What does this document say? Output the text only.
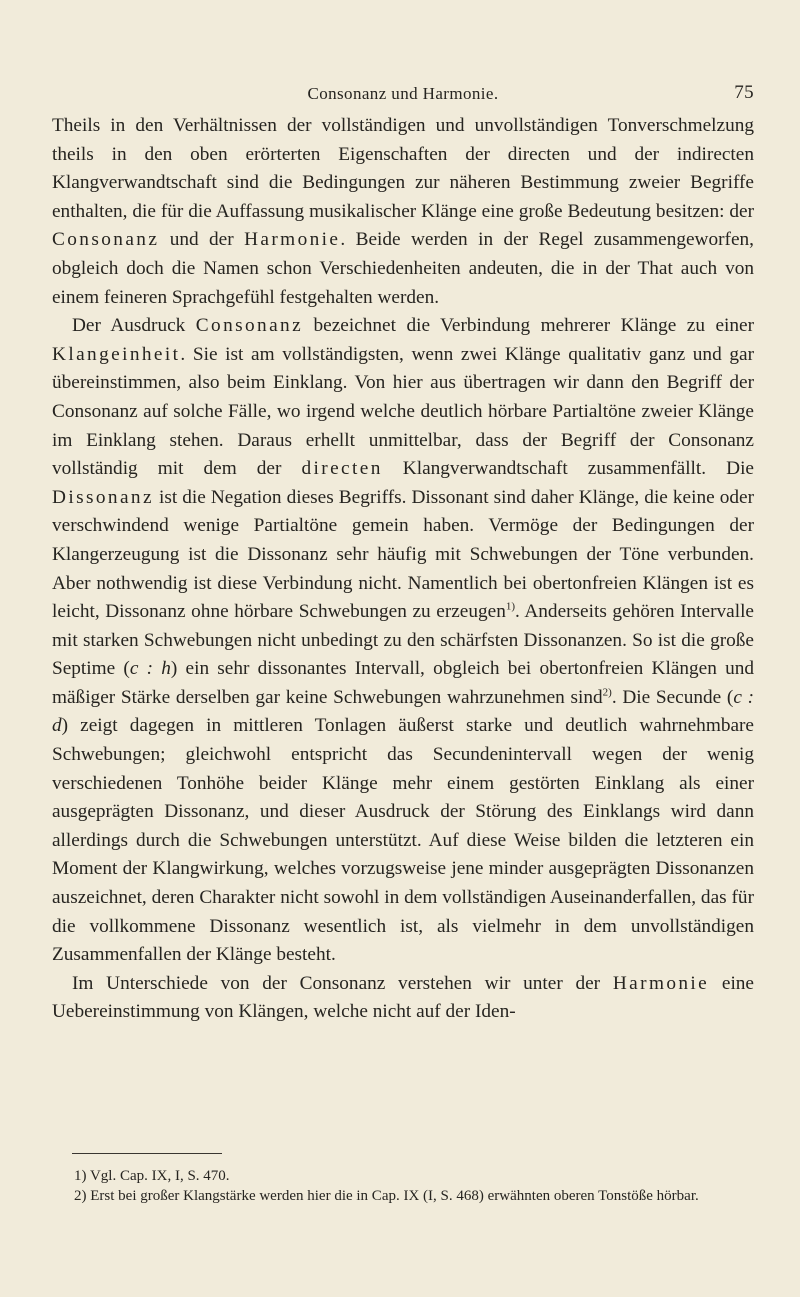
Consonanz und Harmonie.	75

Theils in den Verhältnissen der vollständigen und unvollständigen Tonverschmelzung theils in den oben erörterten Eigenschaften der directen und der indirecten Klangverwandtschaft sind die Bedingungen zur näheren Bestimmung zweier Begriffe enthalten, die für die Auffassung musikalischer Klänge eine große Bedeutung besitzen: der Consonanz und der Harmonie. Beide werden in der Regel zusammengeworfen, obgleich doch die Namen schon Verschiedenheiten andeuten, die in der That auch von einem feineren Sprachgefühl festgehalten werden.

Der Ausdruck Consonanz bezeichnet die Verbindung mehrerer Klänge zu einer Klangeinheit. Sie ist am vollständigsten, wenn zwei Klänge qualitativ ganz und gar übereinstimmen, also beim Einklang. Von hier aus übertragen wir dann den Begriff der Consonanz auf solche Fälle, wo irgend welche deutlich hörbare Partialtöne zweier Klänge im Einklang stehen. Daraus erhellt unmittelbar, dass der Begriff der Consonanz vollständig mit dem der directen Klangverwandtschaft zusammenfällt. Die Dissonanz ist die Negation dieses Begriffs. Dissonant sind daher Klänge, die keine oder verschwindend wenige Partialtöne gemein haben. Vermöge der Bedingungen der Klangerzeugung ist die Dissonanz sehr häufig mit Schwebungen der Töne verbunden. Aber nothwendig ist diese Verbindung nicht. Namentlich bei obertonfreien Klängen ist es leicht, Dissonanz ohne hörbare Schwebungen zu erzeugen$^{1)}$. Anderseits gehören Intervalle mit starken Schwebungen nicht unbedingt zu den schärfsten Dissonanzen. So ist die große Septime (c : h) ein sehr dissonantes Intervall, obgleich bei obertonfreien Klängen und mäßiger Stärke derselben gar keine Schwebungen wahrzunehmen sind$^{2)}$. Die Secunde (c : d) zeigt dagegen in mittleren Tonlagen äußerst starke und deutlich wahrnehmbare Schwebungen; gleichwohl entspricht das Secundenintervall wegen der wenig verschiedenen Tonhöhe beider Klänge mehr einem gestörten Einklang als einer ausgeprägten Dissonanz, und dieser Ausdruck der Störung des Einklangs wird dann allerdings durch die Schwebungen unterstützt. Auf diese Weise bilden die letzteren ein Moment der Klangwirkung, welches vorzugsweise jene minder ausgeprägten Dissonanzen auszeichnet, deren Charakter nicht sowohl in dem vollständigen Auseinanderfallen, das für die vollkommene Dissonanz wesentlich ist, als vielmehr in dem unvollständigen Zusammenfallen der Klänge besteht.

Im Unterschiede von der Consonanz verstehen wir unter der Harmonie eine Uebereinstimmung von Klängen, welche nicht auf der Iden-

1) Vgl. Cap. IX, I, S. 470.

2) Erst bei großer Klangstärke werden hier die in Cap. IX (I, S. 468) erwähnten oberen Tonstöße hörbar.
